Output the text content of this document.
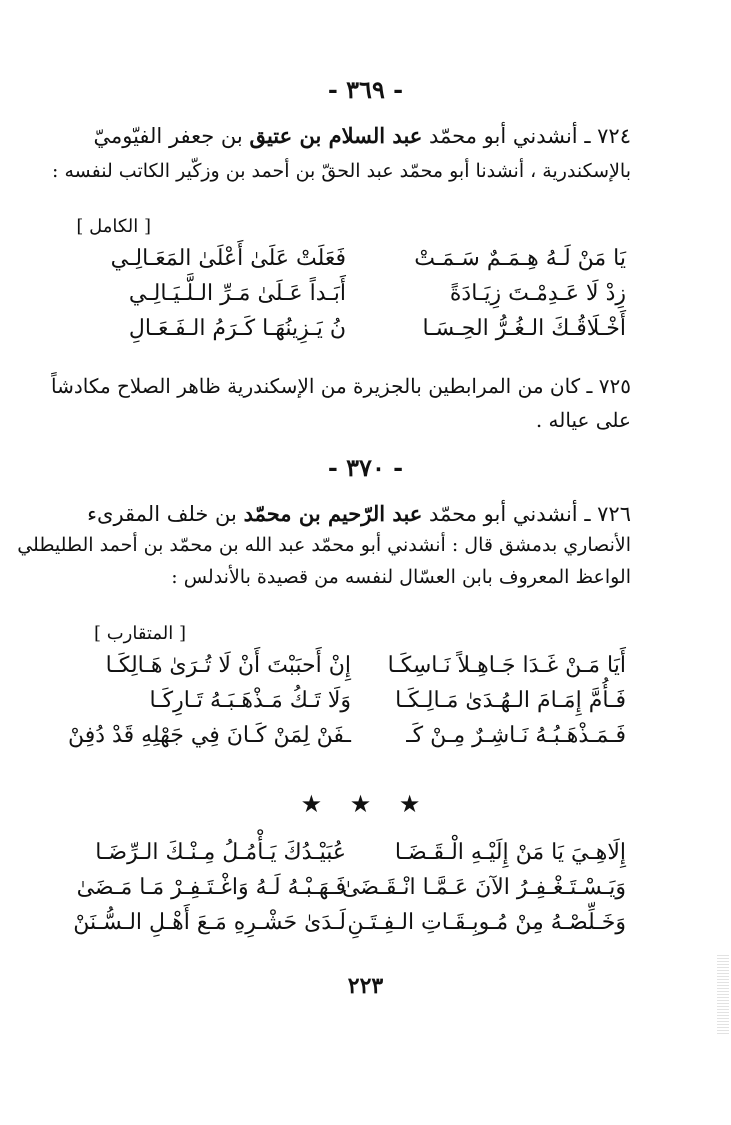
- ٣٦٩ -
٧٢٤ ـ أنشدني أبو محمّد عبد السلام بن عتيق بن جعفر الفيّوميّ
بالإسكندرية ، أنشدنا أبو محمّد عبد الحقّ بن أحمد بن وزكّير الكاتب لنفسه :
[ الكامل ]
يَا مَنْ لَـهُ هِـمَـمٌ سَـمَـتْ
فَعَلَتْ عَلَىٰ أَعْلَىٰ المَعَـالِـي
زِدْ لَا عَـدِمْـتَ زِيَـادَةً
أَبَـداً عَـلَىٰ مَـرِّ الـلَّـيَـالِـي
أَخْـلَاقُـكَ الـغُـرُّ الحِـسَـا
نُ يَـزِينُهَـا كَـرَمُ الـفَـعَـالِ
٧٢٥ ـ كان من المرابطين بالجزيرة من الإسكندرية ظاهر الصلاح مكادشاً
على عياله .
- ٣٧٠ -
٧٢٦ ـ أنشدني أبو محمّد عبد الرّحيم بن محمّد بن خلف المقرىء
الأنصاري بدمشق قال : أنشدني أبو محمّد عبد الله بن محمّد بن أحمد الطليطلي
الواعظ المعروف بابن العسّال لنفسه من قصيدة بالأندلس :
[ المتقارب ]
أَيَا مَـنْ غَـدَا جَـاهِـلاً نَـاسِكَـا
إِنْ أَحبَبْتَ أَنْ لَا تُـرَىٰ هَـالِكَـا
فَـأُمَّ إِمَـامَ الـهُـدَىٰ مَـالِـكَـا
وَلَا تَـكُ مَـذْهَـبَـهُ تَـارِكَـا
فَـمَـذْهَـبُـهُ نَـاشِـرٌ مِـنْ كَـ
ـفَنْ لِمَنْ كَـانَ فِي جَهْلِهِ قَدْ دُفِنْ
★ ★ ★
إِلَاهِـيَ يَا مَنْ إِلَيْـهِ الْـقَـضَـا
عُبَيْـدُكَ يَـأْمُـلُ مِـنْـكَ الـرِّضَـا
وَيَـسْـتَـغْـفِـرُ الآنَ عَـمَّـا انْـقَـضَىٰ
فَـهَـبْـهُ لَـهُ وَاغْـتَـفِـرْ مَـا مَـضَىٰ
وَخَـلِّصْـهُ مِنْ مُـوبِـقَـاتِ الـفِـتَـنِ
لَـدَىٰ حَشْـرِهِ مَـعَ أَهْـلِ الـسُّـنَنْ
٢٢٣
